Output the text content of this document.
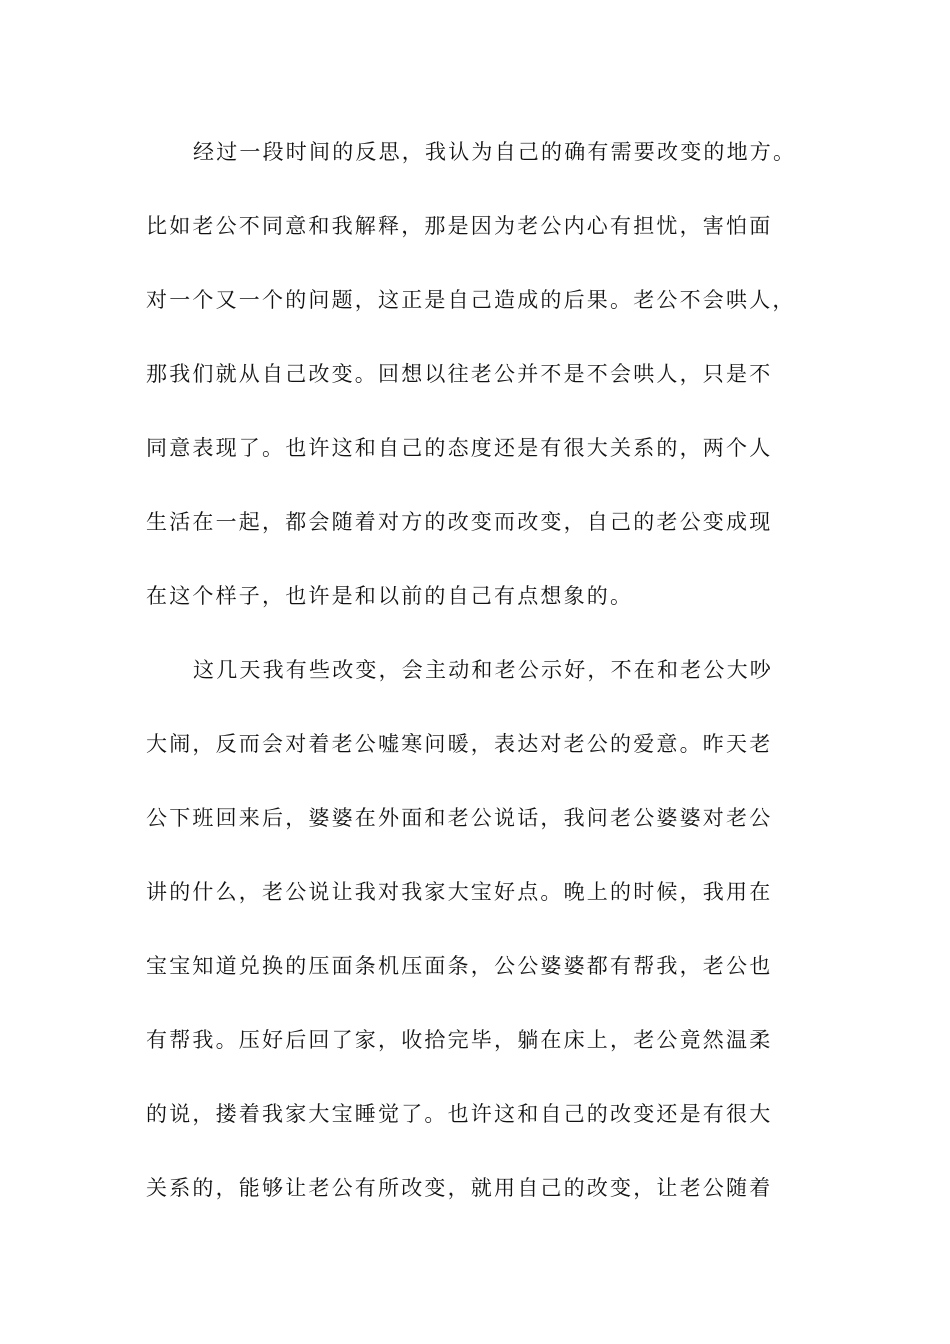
经过一段时间的反思，我认为自己的确有需要改变的地方。
比如老公不同意和我解释，那是因为老公内心有担忧，害怕面
对一个又一个的问题，这正是自己造成的后果。老公不会哄人，
那我们就从自己改变。回想以往老公并不是不会哄人，只是不
同意表现了。也许这和自己的态度还是有很大关系的，两个人
生活在一起，都会随着对方的改变而改变，自己的老公变成现
在这个样子，也许是和以前的自己有点想象的。
这几天我有些改变，会主动和老公示好，不在和老公大吵
大闹，反而会对着老公嘘寒问暖，表达对老公的爱意。昨天老
公下班回来后，婆婆在外面和老公说话，我问老公婆婆对老公
讲的什么，老公说让我对我家大宝好点。晚上的时候，我用在
宝宝知道兑换的压面条机压面条，公公婆婆都有帮我，老公也
有帮我。压好后回了家，收拾完毕，躺在床上，老公竟然温柔
的说，搂着我家大宝睡觉了。也许这和自己的改变还是有很大
关系的，能够让老公有所改变，就用自己的改变，让老公随着
